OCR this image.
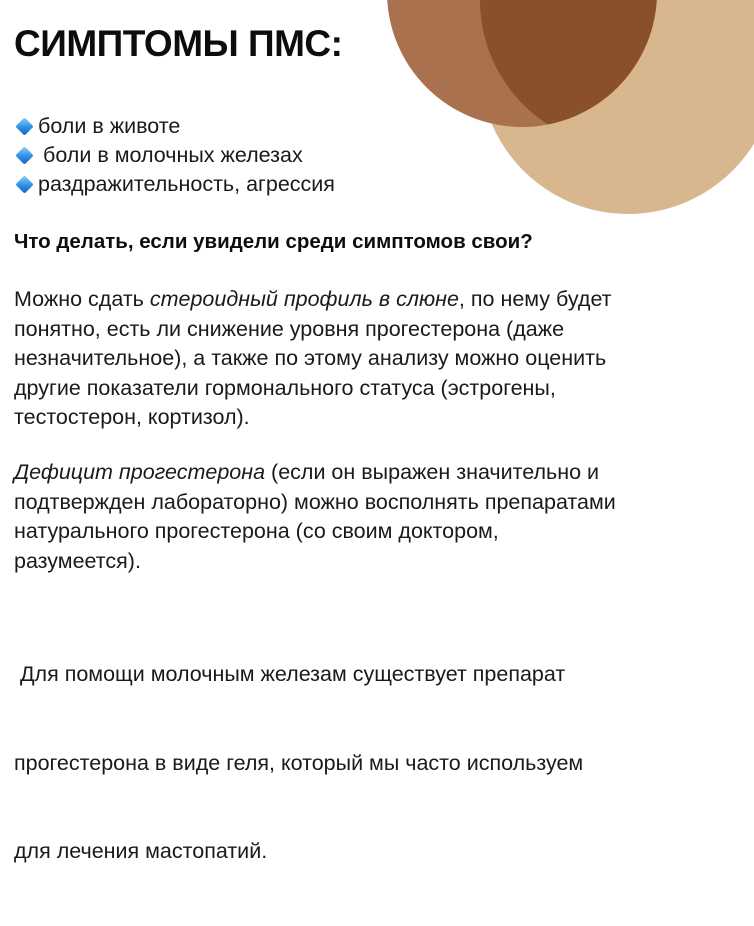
СИМПТОМЫ ПМС:
боли в животе
боли в молочных железах
раздражительность, агрессия

Что делать, если увидели среди симптомов свои?

Можно сдать стероидный профиль в слюне, по нему будет
понятно, есть ли снижение уровня прогестерона (даже
незначительное), а также по этому анализу можно оценить
другие показатели гормонального статуса (эстрогены,
тестостерон, кортизол).

Дефицит прогестерона (если он выражен значительно и
подтвержден лабораторно) можно восполнять препаратами
натурального прогестерона (со своим доктором,
разумеется).

Для помощи молочным железам существует препарат

прогестерона в виде геля, который мы часто используем

для лечения мастопатий.
